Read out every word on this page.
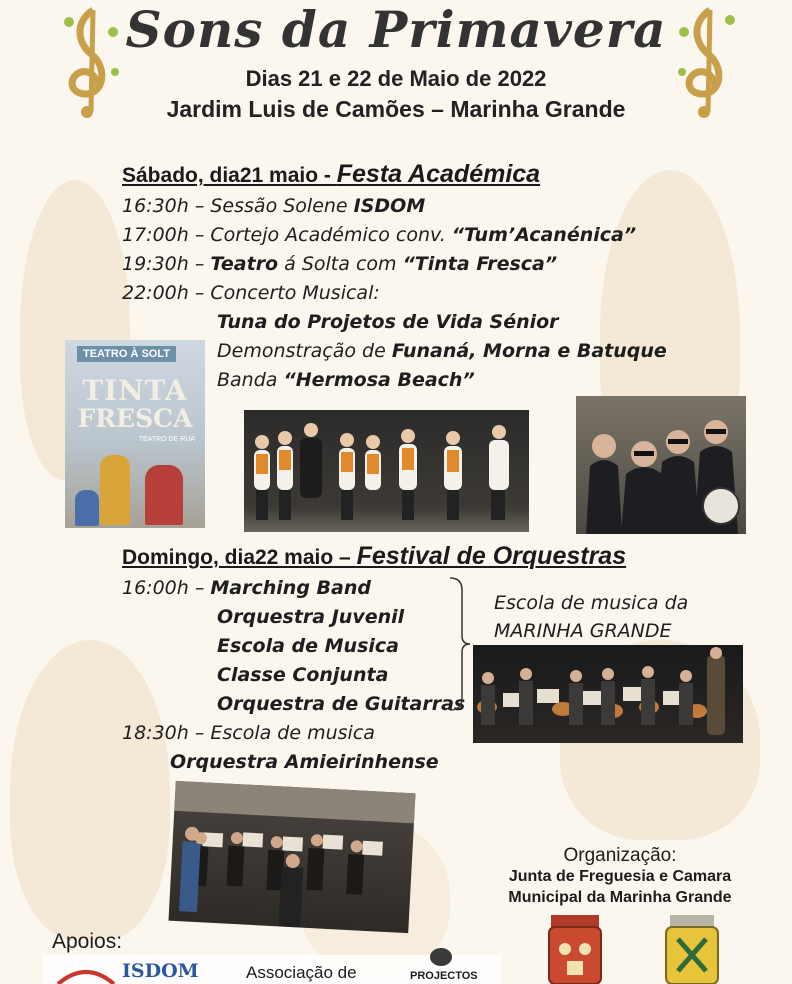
Sons da Primavera
Dias 21 e 22 de Maio de 2022
Jardim Luis de Camões – Marinha Grande
Sábado, dia21 maio - Festa Académica
16:30h – Sessão Solene ISDOM
17:00h – Cortejo Académico conv. “Tum’Acanénica”
19:30h – Teatro á Solta com “Tinta Fresca”
22:00h – Concerto Musical:
Tuna do Projetos de Vida Sénior
Demonstração de Funaná, Morna e Batuque
Banda “Hermosa Beach”
TEATRO À SOLT
TINTA
FRESCA
TEATRO DE RUA
Domingo, dia22 maio – Festival de Orquestras
16:00h – Marching Band
Orquestra Juvenil
Escola de Musica
Classe Conjunta
Orquestra de Guitarras
18:30h – Escola de musica
Orquestra Amieirinhense
Escola de musica da
MARINHA GRANDE
Organização:
Junta de Freguesia e Camara
Municipal da Marinha Grande
Apoios:
ISDOM	Associação de	PROJECTOS
